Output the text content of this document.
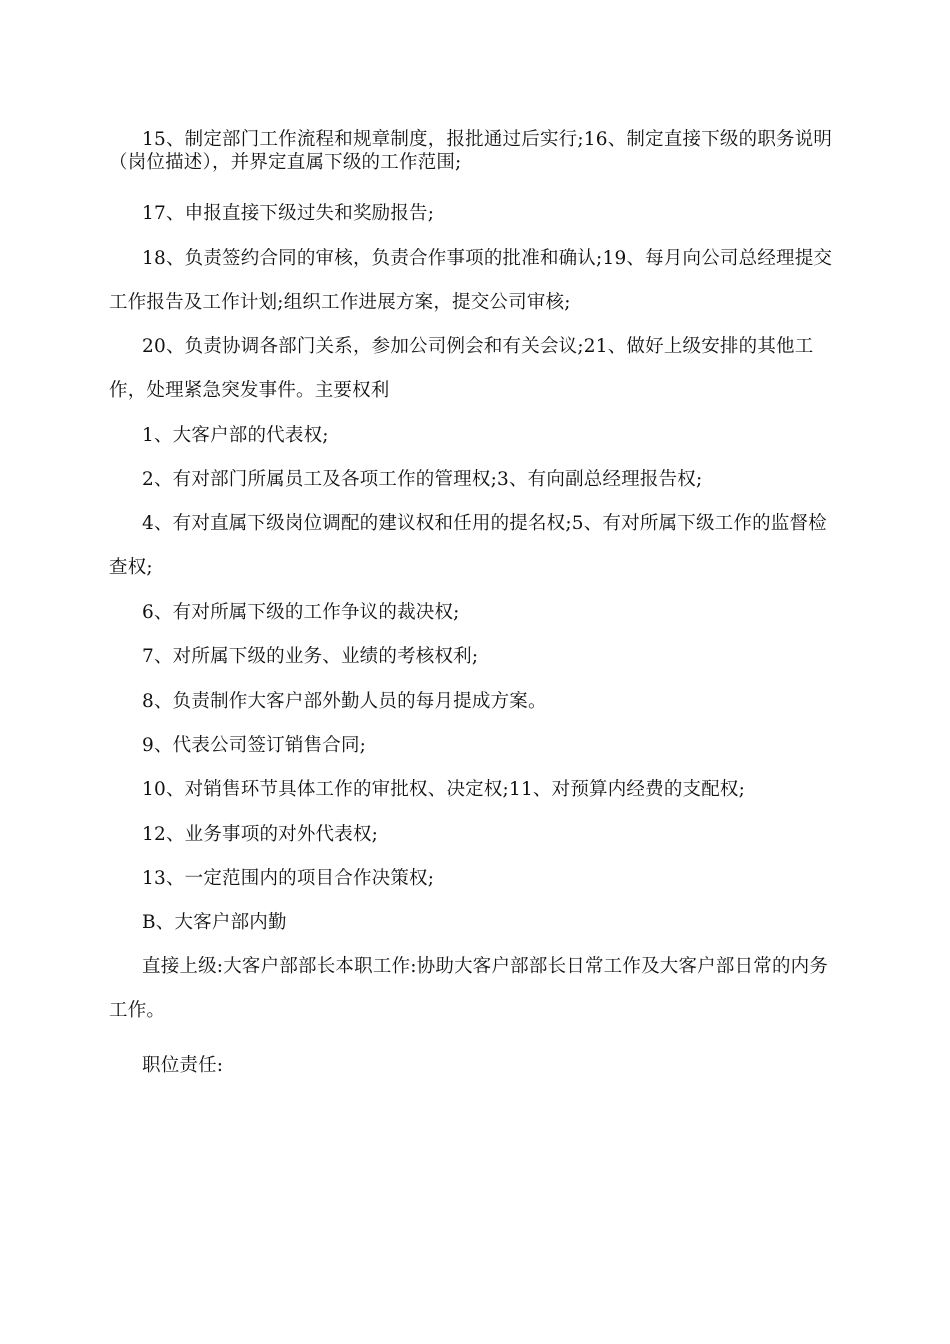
15、制定部门工作流程和规章制度，报批通过后实行;16、制定直接下级的职务说明（岗位描述），并界定直属下级的工作范围;

17、申报直接下级过失和奖励报告;

18、负责签约合同的审核，负责合作事项的批准和确认;19、每月向公司总经理提交工作报告及工作计划;组织工作进展方案，提交公司审核;

20、负责协调各部门关系，参加公司例会和有关会议;21、做好上级安排的其他工作，处理紧急突发事件。主要权利

1、大客户部的代表权;

2、有对部门所属员工及各项工作的管理权;3、有向副总经理报告权;

4、有对直属下级岗位调配的建议权和任用的提名权;5、有对所属下级工作的监督检查权;

6、有对所属下级的工作争议的裁决权;

7、对所属下级的业务、业绩的考核权利;

8、负责制作大客户部外勤人员的每月提成方案。

9、代表公司签订销售合同;

10、对销售环节具体工作的审批权、决定权;11、对预算内经费的支配权;

12、业务事项的对外代表权;

13、一定范围内的项目合作决策权;

B、大客户部内勤

直接上级:大客户部部长本职工作:协助大客户部部长日常工作及大客户部日常的内务工作。

职位责任:
